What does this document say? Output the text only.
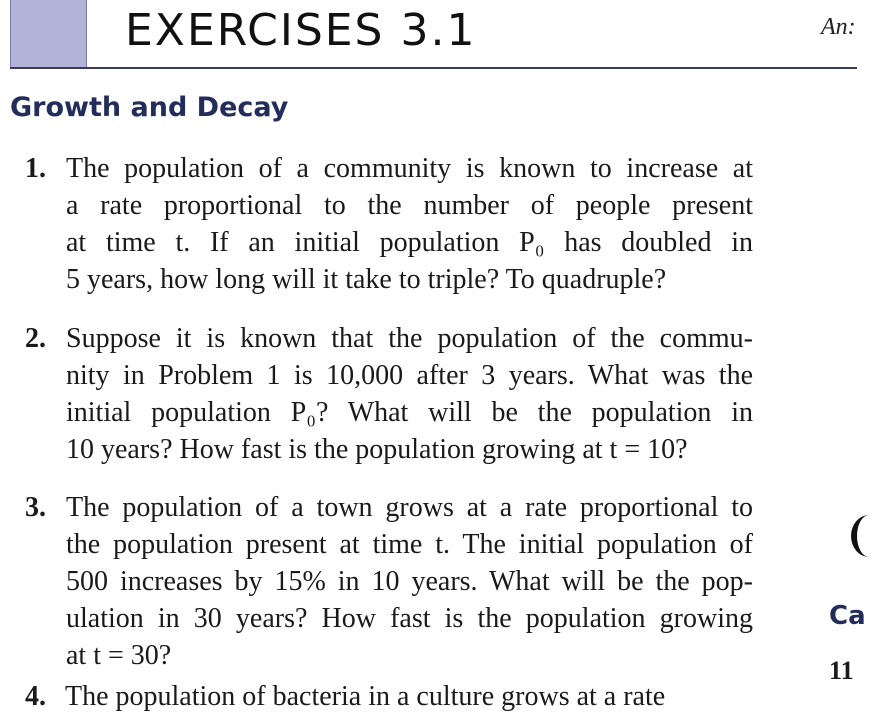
EXERCISES 3.1	An:
Growth and Decay
1. The population of a community is known to increase at
a rate proportional to the number of people present
at time t. If an initial population P₀ has doubled in
5 years, how long will it take to triple? To quadruple?
2. Suppose it is known that the population of the commu-
nity in Problem 1 is 10,000 after 3 years. What was the
initial population P₀? What will be the population in
10 years? How fast is the population growing at t = 10?
3. The population of a town grows at a rate proportional to
the population present at time t. The initial population of
500 increases by 15% in 10 years. What will be the pop-
ulation in 30 years? How fast is the population growing
at t = 30?
4. The population of bacteria in a culture grows at a rate
Ca
11
